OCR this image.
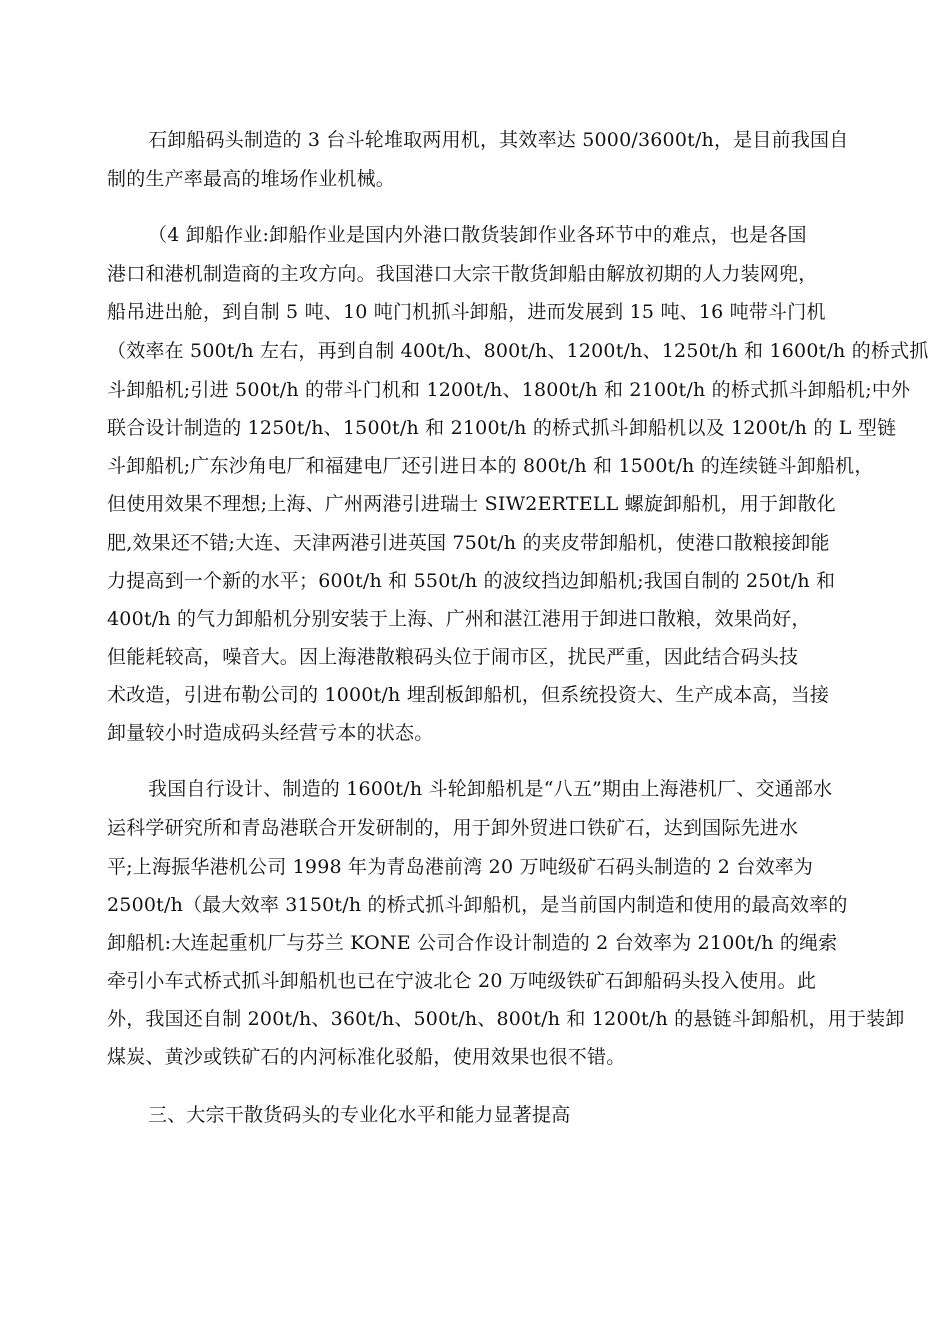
石卸船码头制造的 3 台斗轮堆取两用机，其效率达 5000/3600t/h，是目前我国自
制的生产率最高的堆场作业机械。
（4 卸船作业:卸船作业是国内外港口散货装卸作业各环节中的难点，也是各国
港口和港机制造商的主攻方向。我国港口大宗干散货卸船由解放初期的人力装网兜，
船吊进出舱，到自制 5 吨、10 吨门机抓斗卸船，进而发展到 15 吨、16 吨带斗门机
（效率在 500t/h 左右，再到自制 400t/h、800t/h、1200t/h、1250t/h 和 1600t/h 的桥式抓
斗卸船机;引进 500t/h 的带斗门机和 1200t/h、1800t/h 和 2100t/h 的桥式抓斗卸船机;中外
联合设计制造的 1250t/h、1500t/h 和 2100t/h 的桥式抓斗卸船机以及 1200t/h 的 L 型链
斗卸船机;广东沙角电厂和福建电厂还引进日本的 800t/h 和 1500t/h 的连续链斗卸船机，
但使用效果不理想;上海、广州两港引进瑞士 SIW2ERTELL 螺旋卸船机，用于卸散化
肥,效果还不错;大连、天津两港引进英国 750t/h 的夹皮带卸船机，使港口散粮接卸能
力提高到一个新的水平；600t/h 和 550t/h 的波纹挡边卸船机;我国自制的 250t/h 和
400t/h 的气力卸船机分别安装于上海、广州和湛江港用于卸进口散粮，效果尚好，
但能耗较高，噪音大。因上海港散粮码头位于闹市区，扰民严重，因此结合码头技
术改造，引进布勒公司的 1000t/h 埋刮板卸船机，但系统投资大、生产成本高，当接
卸量较小时造成码头经营亏本的状态。
我国自行设计、制造的 1600t/h 斗轮卸船机是“八五”期由上海港机厂、交通部水
运科学研究所和青岛港联合开发研制的，用于卸外贸进口铁矿石，达到国际先进水
平;上海振华港机公司 1998 年为青岛港前湾 20 万吨级矿石码头制造的 2 台效率为
2500t/h（最大效率 3150t/h 的桥式抓斗卸船机，是当前国内制造和使用的最高效率的
卸船机:大连起重机厂与芬兰 KONE 公司合作设计制造的 2 台效率为 2100t/h 的绳索
牵引小车式桥式抓斗卸船机也已在宁波北仑 20 万吨级铁矿石卸船码头投入使用。此
外，我国还自制 200t/h、360t/h、500t/h、800t/h 和 1200t/h 的悬链斗卸船机，用于装卸
煤炭、黄沙或铁矿石的内河标准化驳船，使用效果也很不错。
三、大宗干散货码头的专业化水平和能力显著提高
